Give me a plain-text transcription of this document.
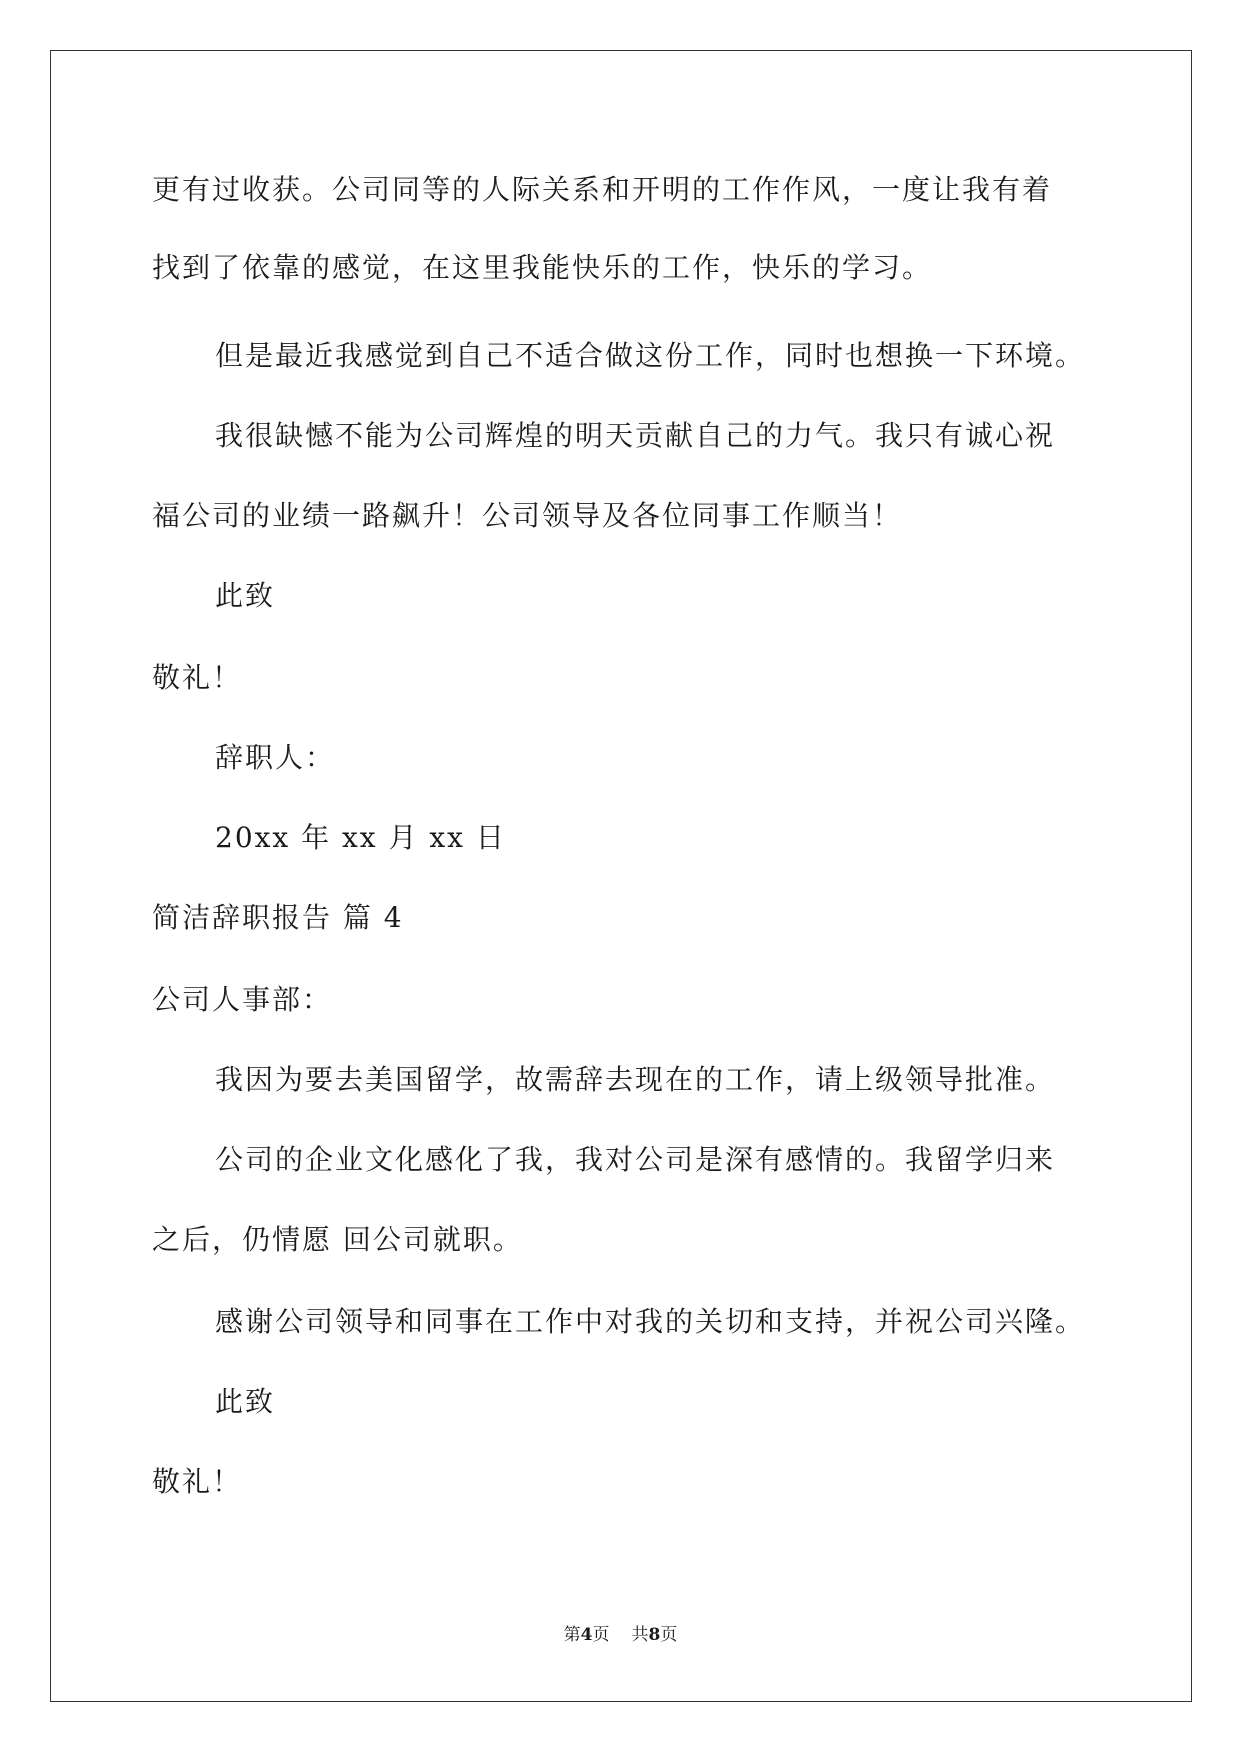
更有过收获。公司同等的人际关系和开明的工作作风，一度让我有着
找到了依靠的感觉，在这里我能快乐的工作，快乐的学习。
但是最近我感觉到自己不适合做这份工作，同时也想换一下环境。
我很缺憾不能为公司辉煌的明天贡献自己的力气。我只有诚心祝
福公司的业绩一路飙升！公司领导及各位同事工作顺当！
此致
敬礼！
辞职人：
20xx 年 xx 月 xx 日
简洁辞职报告 篇 4
公司人事部：
我因为要去美国留学，故需辞去现在的工作，请上级领导批准。
公司的企业文化感化了我，我对公司是深有感情的。我留学归来
之后，仍情愿 回公司就职。
感谢公司领导和同事在工作中对我的关切和支持，并祝公司兴隆。
此致
敬礼！
第4页 共8页
